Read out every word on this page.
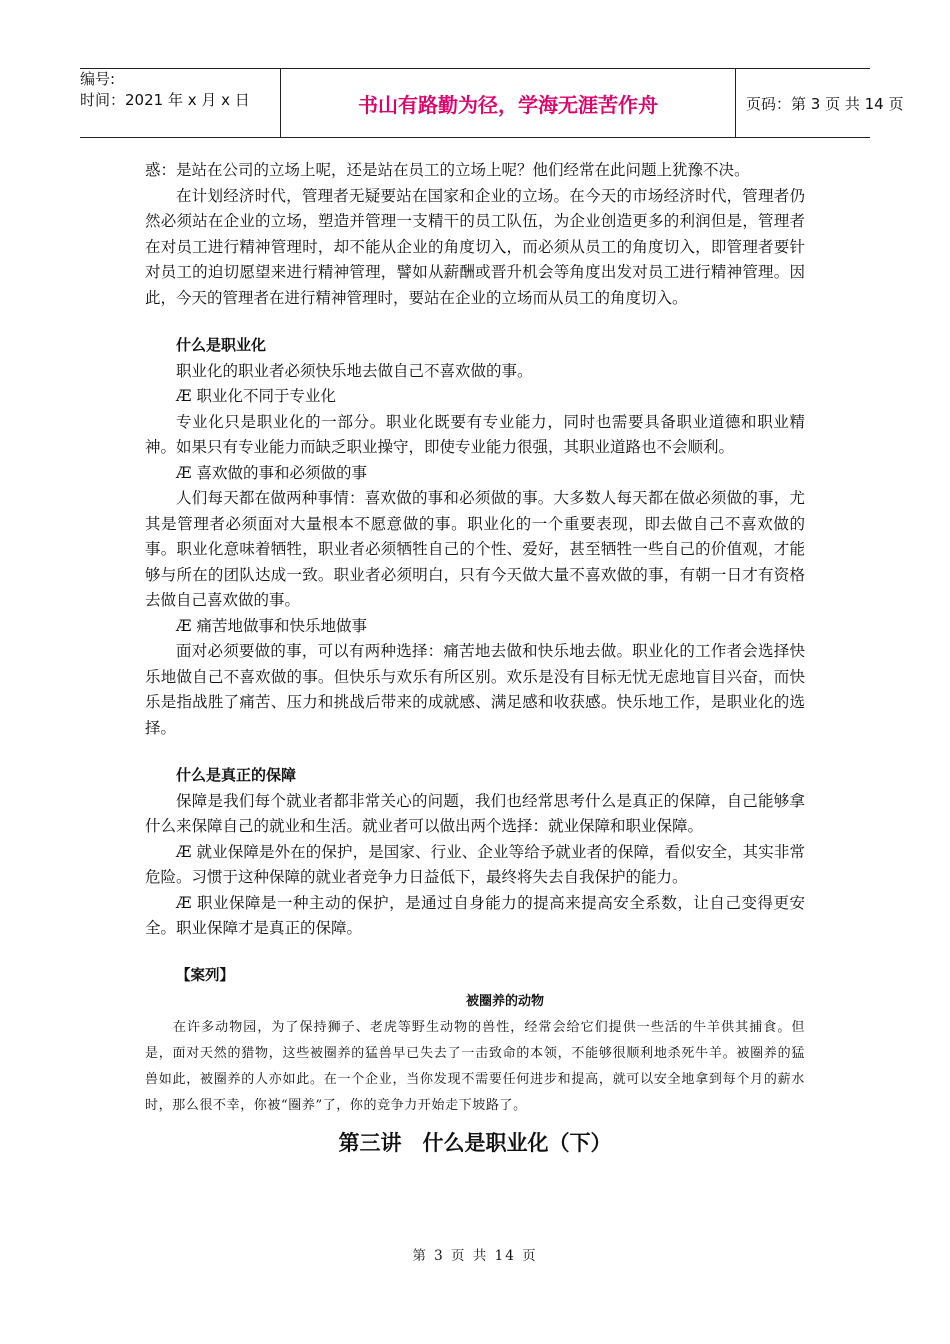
编号:
时间：2021 年 x 月 x 日	书山有路勤为径，学海无涯苦作舟	页码：第 3 页 共 14 页

惑：是站在公司的立场上呢，还是站在员工的立场上呢？他们经常在此问题上犹豫不决。

在计划经济时代，管理者无疑要站在国家和企业的立场。在今天的市场经济时代，管理者仍然必须站在企业的立场，塑造并管理一支精干的员工队伍，为企业创造更多的利润但是，管理者在对员工进行精神管理时，却不能从企业的角度切入，而必须从员工的角度切入，即管理者要针对员工的迫切愿望来进行精神管理，譬如从薪酬或晋升机会等角度出发对员工进行精神管理。因此，今天的管理者在进行精神管理时，要站在企业的立场而从员工的角度切入。

什么是职业化

职业化的职业者必须快乐地去做自己不喜欢做的事。

Æ 职业化不同于专业化

专业化只是职业化的一部分。职业化既要有专业能力，同时也需要具备职业道德和职业精神。如果只有专业能力而缺乏职业操守，即使专业能力很强，其职业道路也不会顺利。

Æ 喜欢做的事和必须做的事

人们每天都在做两种事情：喜欢做的事和必须做的事。大多数人每天都在做必须做的事，尤其是管理者必须面对大量根本不愿意做的事。职业化的一个重要表现，即去做自己不喜欢做的事。职业化意味着牺牲，职业者必须牺牲自己的个性、爱好，甚至牺牲一些自己的价值观，才能够与所在的团队达成一致。职业者必须明白，只有今天做大量不喜欢做的事，有朝一日才有资格去做自己喜欢做的事。

Æ 痛苦地做事和快乐地做事

面对必须要做的事，可以有两种选择：痛苦地去做和快乐地去做。职业化的工作者会选择快乐地做自己不喜欢做的事。但快乐与欢乐有所区别。欢乐是没有目标无忧无虑地盲目兴奋，而快乐是指战胜了痛苦、压力和挑战后带来的成就感、满足感和收获感。快乐地工作，是职业化的选择。

什么是真正的保障

保障是我们每个就业者都非常关心的问题，我们也经常思考什么是真正的保障，自己能够拿什么来保障自己的就业和生活。就业者可以做出两个选择：就业保障和职业保障。

Æ 就业保障是外在的保护，是国家、行业、企业等给予就业者的保障，看似安全，其实非常危险。习惯于这种保障的就业者竞争力日益低下，最终将失去自我保护的能力。

Æ 职业保障是一种主动的保护，是通过自身能力的提高来提高安全系数，让自己变得更安全。职业保障才是真正的保障。

【案列】

被圈养的动物

在许多动物园，为了保持狮子、老虎等野生动物的兽性，经常会给它们提供一些活的牛羊供其捕食。但是，面对天然的猎物，这些被圈养的猛兽早已失去了一击致命的本领，不能够很顺利地杀死牛羊。被圈养的猛兽如此，被圈养的人亦如此。在一个企业，当你发现不需要任何进步和提高，就可以安全地拿到每个月的薪水时，那么很不幸，你被“圈养”了，你的竞争力开始走下坡路了。

第三讲　什么是职业化（下）

第 3 页 共 14 页
